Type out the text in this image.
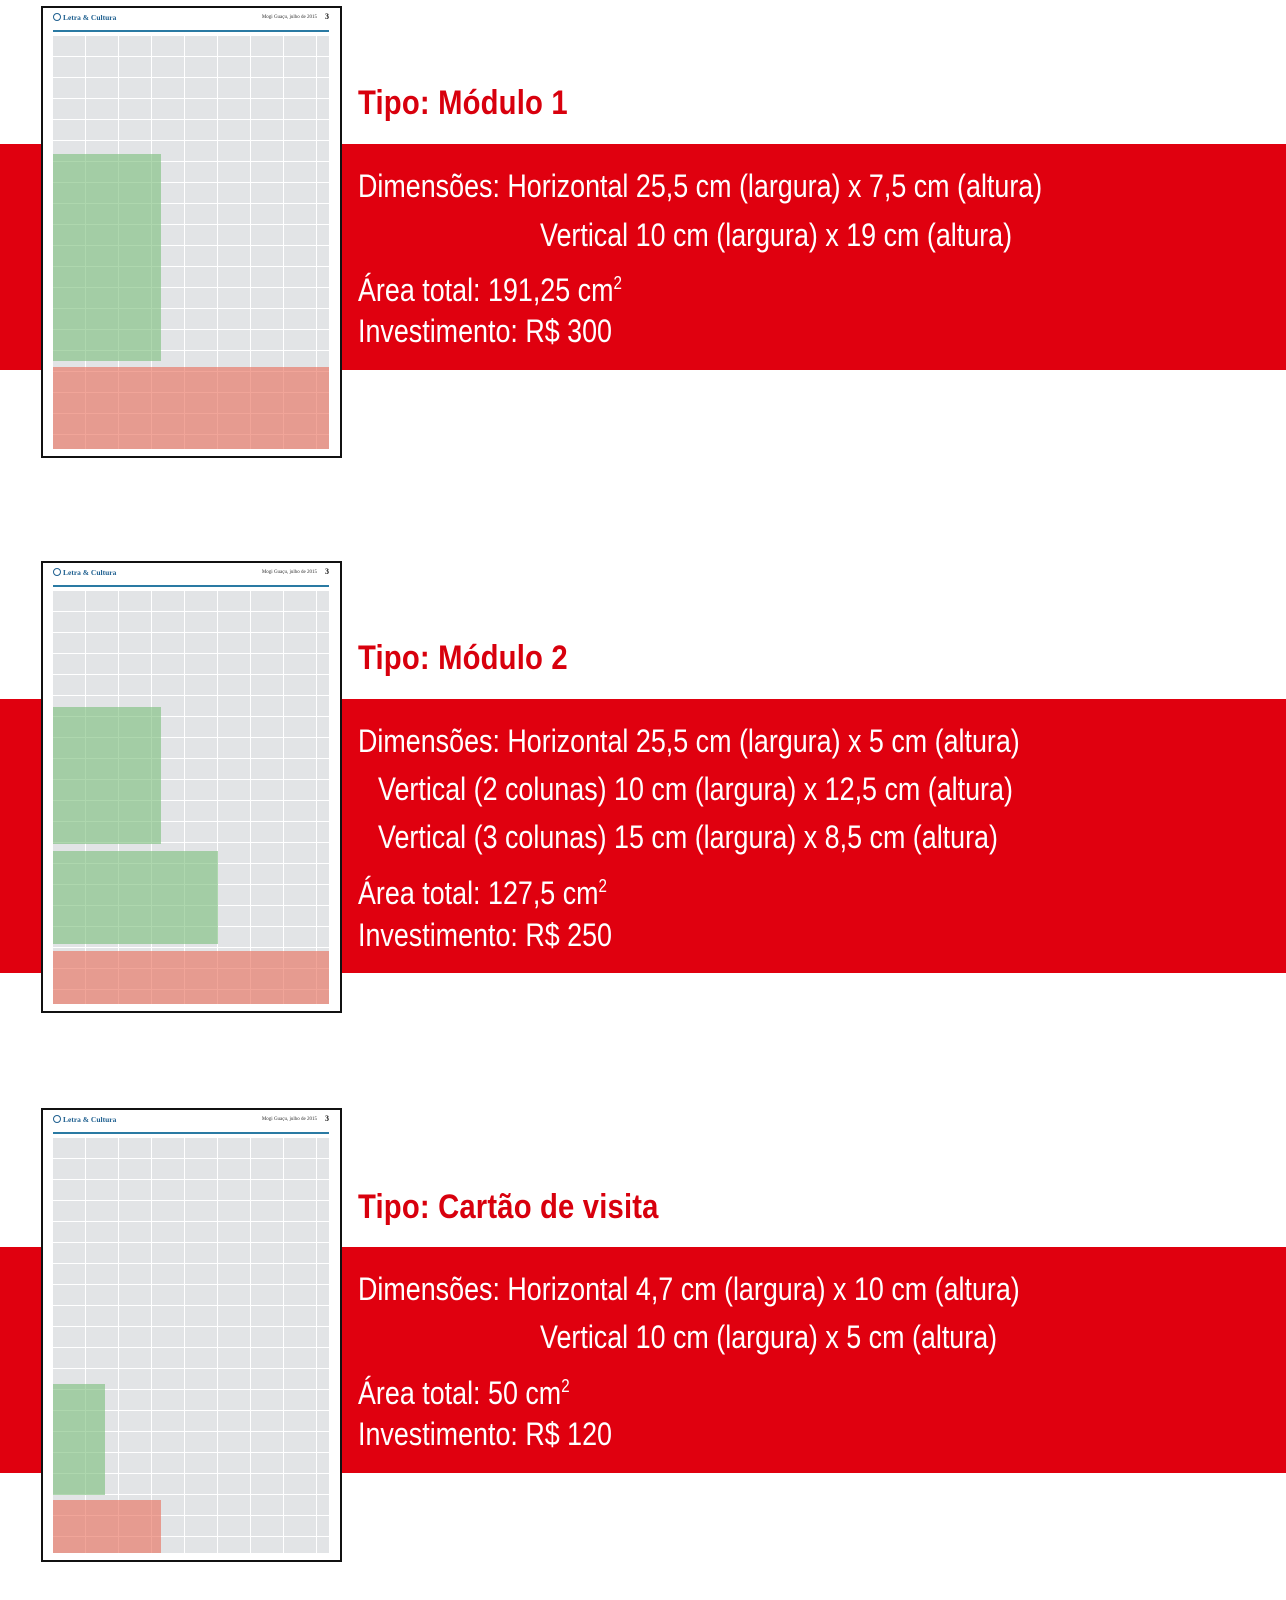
Letra & Cultura	Mogi Guaçu, julho de 2015 3
Tipo: Módulo 1
Dimensões: Horizontal 25,5 cm (largura) x 7,5 cm (altura)
Vertical 10 cm (largura) x 19 cm (altura)
Área total: 191,25 $cm^2$
Investimento: R$ 300
Letra & Cultura	Mogi Guaçu, julho de 2015 3
Tipo: Módulo 2
Dimensões: Horizontal 25,5 cm (largura) x 5 cm (altura)
Vertical (2 colunas) 10 cm (largura) x 12,5 cm (altura)
Vertical (3 colunas) 15 cm (largura) x 8,5 cm (altura)
Área total: 127,5 $cm^2$
Investimento: R$ 250
Letra & Cultura	Mogi Guaçu, julho de 2015 3
Tipo: Cartão de visita
Dimensões: Horizontal 4,7 cm (largura) x 10 cm (altura)
Vertical 10 cm (largura) x 5 cm (altura)
Área total: 50 $cm^2$
Investimento: R$ 120
